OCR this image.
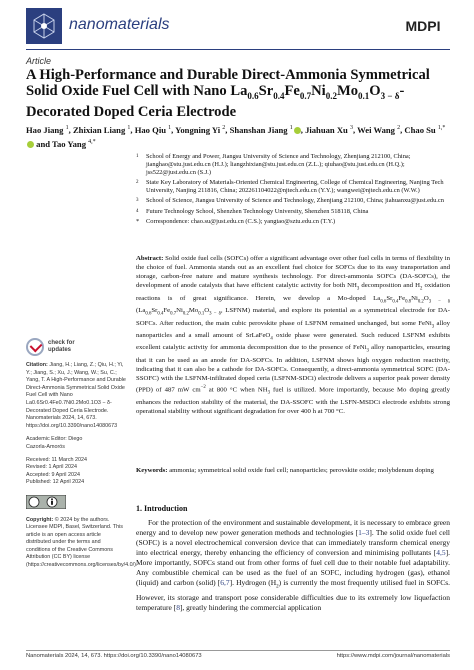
nanomaterials	MDPI
Article
A High-Performance and Durable Direct-Ammonia Symmetrical Solid Oxide Fuel Cell with Nano $La_{0.6}Sr_{0.4}Fe_{0.7}Ni_{0.2}Mo_{0.1}O_{3 - \delta}$-Decorated Doped Ceria Electrode
Hao Jiang $^1$, Zhixian Liang $^1$, Hao Qiu $^1$, Yongning Yi $^2$, Shanshan Jiang $^1$ , Jiahuan Xu $^3$, Wei Wang $^2$, Chao Su $^{1,*}$ and Tao Yang $^{4,*}$
1 School of Energy and Power, Jiangsu University of Science and Technology, Zhenjiang 212100, China; jianghao@stu.just.edu.cn (H.J.); liangzhixian@stu.just.edu.cn (Z.L.); qiuhao@stu.just.edu.cn (H.Q.); jss522@just.edu.cn (S.J.)
2 State Key Laboratory of Materials-Oriented Chemical Engineering, College of Chemical Engineering, Nanjing Tech University, Nanjing 211816, China; 202261104022@njtech.edu.cn (Y.Y.); wangwei@njtech.edu.cn (W.W.)
3 School of Science, Jiangsu University of Science and Technology, Zhenjiang 212100, China; jiahuanxu@just.edu.cn
4 Future Technology School, Shenzhen Technology University, Shenzhen 518118, China
* Correspondence: chao.su@just.edu.cn (C.S.); yangtao@sztu.edu.cn (T.Y.)

Abstract: Solid oxide fuel cells (SOFCs) offer a significant advantage over other fuel cells in terms of flexibility in the choice of fuel. Ammonia stands out as an excellent fuel choice for SOFCs due to its easy transportation and storage, carbon-free nature and mature synthesis technology. For direct-ammonia SOFCs (DA-SOFCs), the development of anode catalysts that have efficient catalytic activity for both $NH_3$ decomposition and $H_2$ oxidation reactions is of great significance. Herein, we develop a Mo-doped $La_{0.6}Sr_{0.4}Fe_{0.8}Ni_{0.2}O_{3 - \delta}$ ($La_{0.6}Sr_{0.4}Fe_{0.7}Ni_{0.2}Mo_{0.1}O_{3 - \delta}$, LSFNM) material, and explore its potential as a symmetrical electrode for DA-SOFCs. After reduction, the main cubic perovskite phase of LSFNM remained unchanged, but some FeNi$_3$ alloy nanoparticles and a small amount of SrLaFeO$_4$ oxide phase were generated. Such reduced LSFNM exhibits excellent catalytic activity for ammonia decomposition due to the presence of FeNi$_3$ alloy nanoparticles, ensuring that it can be used as an anode for DA-SOFCs. In addition, LSFNM shows high oxygen reduction reactivity, indicating that it can also be a cathode for DA-SOFCs. Consequently, a direct-ammonia symmetrical SOFC (DA-SSOFC) with the LSFNM-infiltrated doped ceria (LSFNM-SDCi) electrode delivers a superior peak power density (PPD) of 487 mW $cm^{-2}$ at 800 °C when $NH_3$ fuel is utilized. More importantly, because Mo doping greatly enhances the reduction stability of the material, the DA-SSOFC with the LSFN-MSDCi electrode exhibits strong operational stability without significant degradation for over 400 h at 700 °C.

Keywords: ammonia; symmetrical solid oxide fuel cell; nanoparticles; perovskite oxide; molybdenum doping
check for
updates
Citation: Jiang, H.; Liang, Z.; Qiu, H.; Yi, Y.; Jiang, S.; Xu, J.; Wang, W.; Su, C.; Yang, T. A High-Performance and Durable Direct-Ammonia Symmetrical Solid Oxide Fuel Cell with Nano La0.6Sr0.4Fe0.7Ni0.2Mo0.1O3 − δ-Decorated Doped Ceria Electrode. Nanomaterials 2024, 14, 673. https://doi.org/10.3390/nano14080673
Academic Editor: Diego
Cazorla-Amorós
Received: 11 March 2024
Revised: 1 April 2024
Accepted: 9 April 2024
Published: 12 April 2024
Copyright: © 2024 by the authors. Licensee MDPI, Basel, Switzerland. This article is an open access article distributed under the terms and conditions of the Creative Commons Attribution (CC BY) license (https://creativecommons.org/licenses/by/4.0/).
1. Introduction

For the protection of the environment and sustainable development, it is necessary to embrace green energy and to develop new power generation methods and technologies [1–3]. The solid oxide fuel cell (SOFC) is a novel electrochemical conversion device that can immediately transform chemical energy into electrical energy, thereby enhancing the efficiency of conversion and minimising pollutants [4,5]. More importantly, SOFCs stand out from other forms of fuel cell due to their notable fuel adaptability. Any combustible chemical can be used as the fuel of an SOFC, including hydrogen (gas), ethanol (liquid) and carbon (solid) [6,7]. Hydrogen $(H_2)$ is currently the most frequently utilised fuel in SOFCs. However, its storage and transport pose considerable difficulties due to its extremely low liquefaction temperature [8], greatly hindering the commercial application

Nanomaterials 2024, 14, 673. https://doi.org/10.3390/nano14080673	https://www.mdpi.com/journal/nanomaterials
